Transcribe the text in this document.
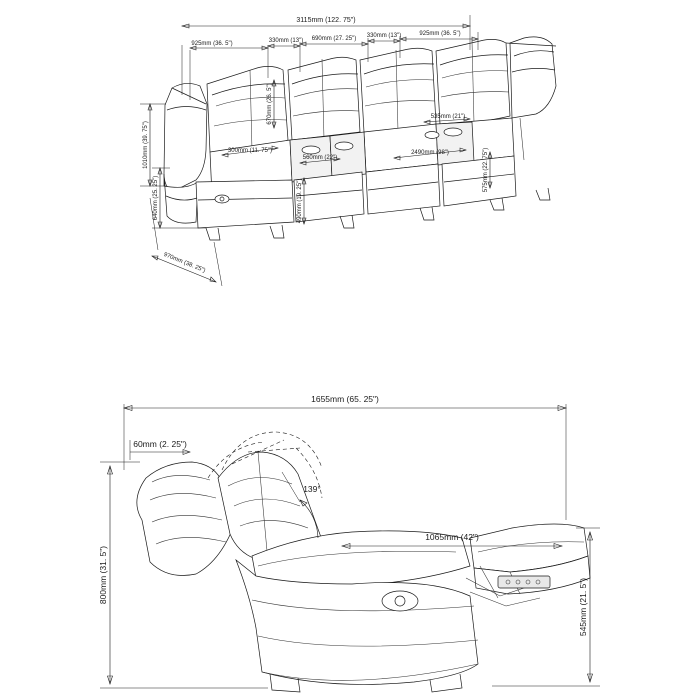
3115mm (122. 75")
925mm (36. 5")	330mm (13") 690mm (27. 25") 330mm (13")	925mm (36. 5")
670mm (26. 5")	535mm (21")
300mm (11. 75")
560mm (22")
2490mm (98")	575mm (22. 75")
1010mm (39. 75")
640mm (25. 25")	490mm (19. 25")
970mm (38. 25")
1655mm (65. 25")
60mm (2. 25")
139°
1065mm (42")
800mm (31. 5")
545mm (21. 5")
